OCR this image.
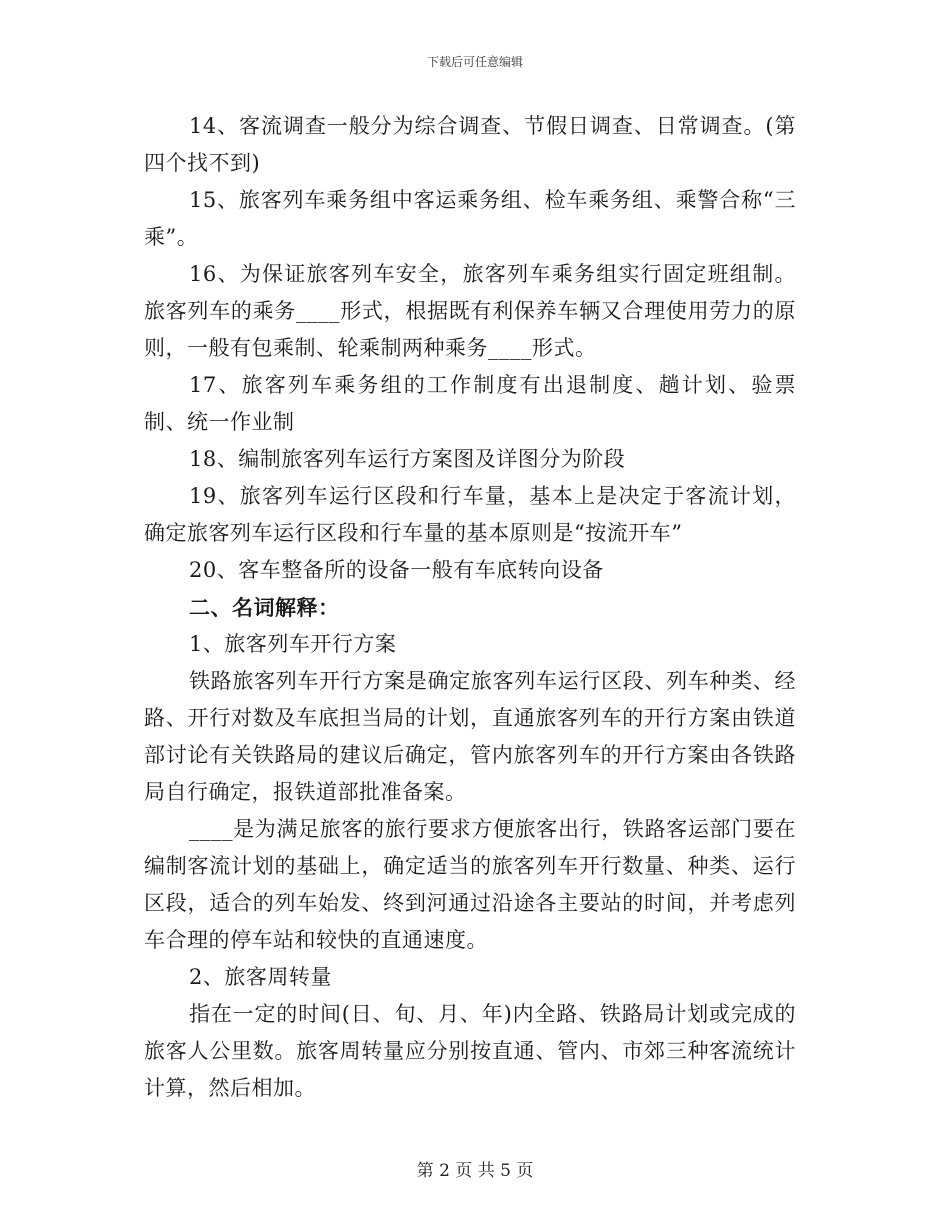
下载后可任意编辑

14、客流调查一般分为综合调查、节假日调查、日常调查。(第四个找不到)

15、旅客列车乘务组中客运乘务组、检车乘务组、乘警合称“三乘”。

16、为保证旅客列车安全，旅客列车乘务组实行固定班组制。旅客列车的乘务____形式，根据既有利保养车辆又合理使用劳力的原则，一般有包乘制、轮乘制两种乘务____形式。

17、旅客列车乘务组的工作制度有出退制度、趟计划、验票制、统一作业制

18、编制旅客列车运行方案图及详图分为阶段

19、旅客列车运行区段和行车量，基本上是决定于客流计划，确定旅客列车运行区段和行车量的基本原则是“按流开车”

20、客车整备所的设备一般有车底转向设备

二、名词解释：

1、旅客列车开行方案

铁路旅客列车开行方案是确定旅客列车运行区段、列车种类、经路、开行对数及车底担当局的计划，直通旅客列车的开行方案由铁道部讨论有关铁路局的建议后确定，管内旅客列车的开行方案由各铁路局自行确定，报铁道部批准备案。

____是为满足旅客的旅行要求方便旅客出行，铁路客运部门要在编制客流计划的基础上，确定适当的旅客列车开行数量、种类、运行区段，适合的列车始发、终到河通过沿途各主要站的时间，并考虑列车合理的停车站和较快的直通速度。

2、旅客周转量

指在一定的时间(日、旬、月、年)内全路、铁路局计划或完成的旅客人公里数。旅客周转量应分别按直通、管内、市郊三种客流统计计算，然后相加。

第 2 页 共 5 页
